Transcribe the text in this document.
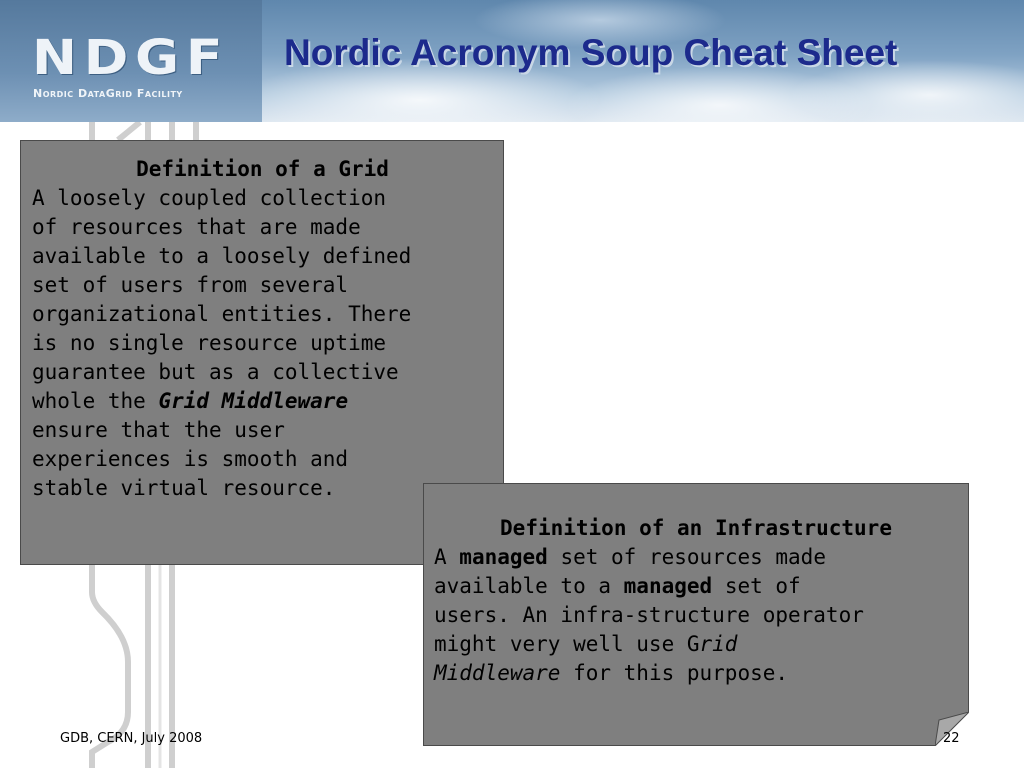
NDGF
Nordic DataGrid Facility
Nordic Acronym Soup Cheat Sheet
Definition of a Grid
A loosely coupled collection
of resources that are made
available to a loosely defined
set of users from several
organizational entities. There
is no single resource uptime
guarantee but as a collective
whole the Grid Middleware
ensure that the user
experiences is smooth and
stable virtual resource.
Definition of an Infrastructure
A managed set of resources made
available to a managed set of
users. An infra-structure operator
might very well use Grid
Middleware for this purpose.
GDB, CERN, July 2008	22
